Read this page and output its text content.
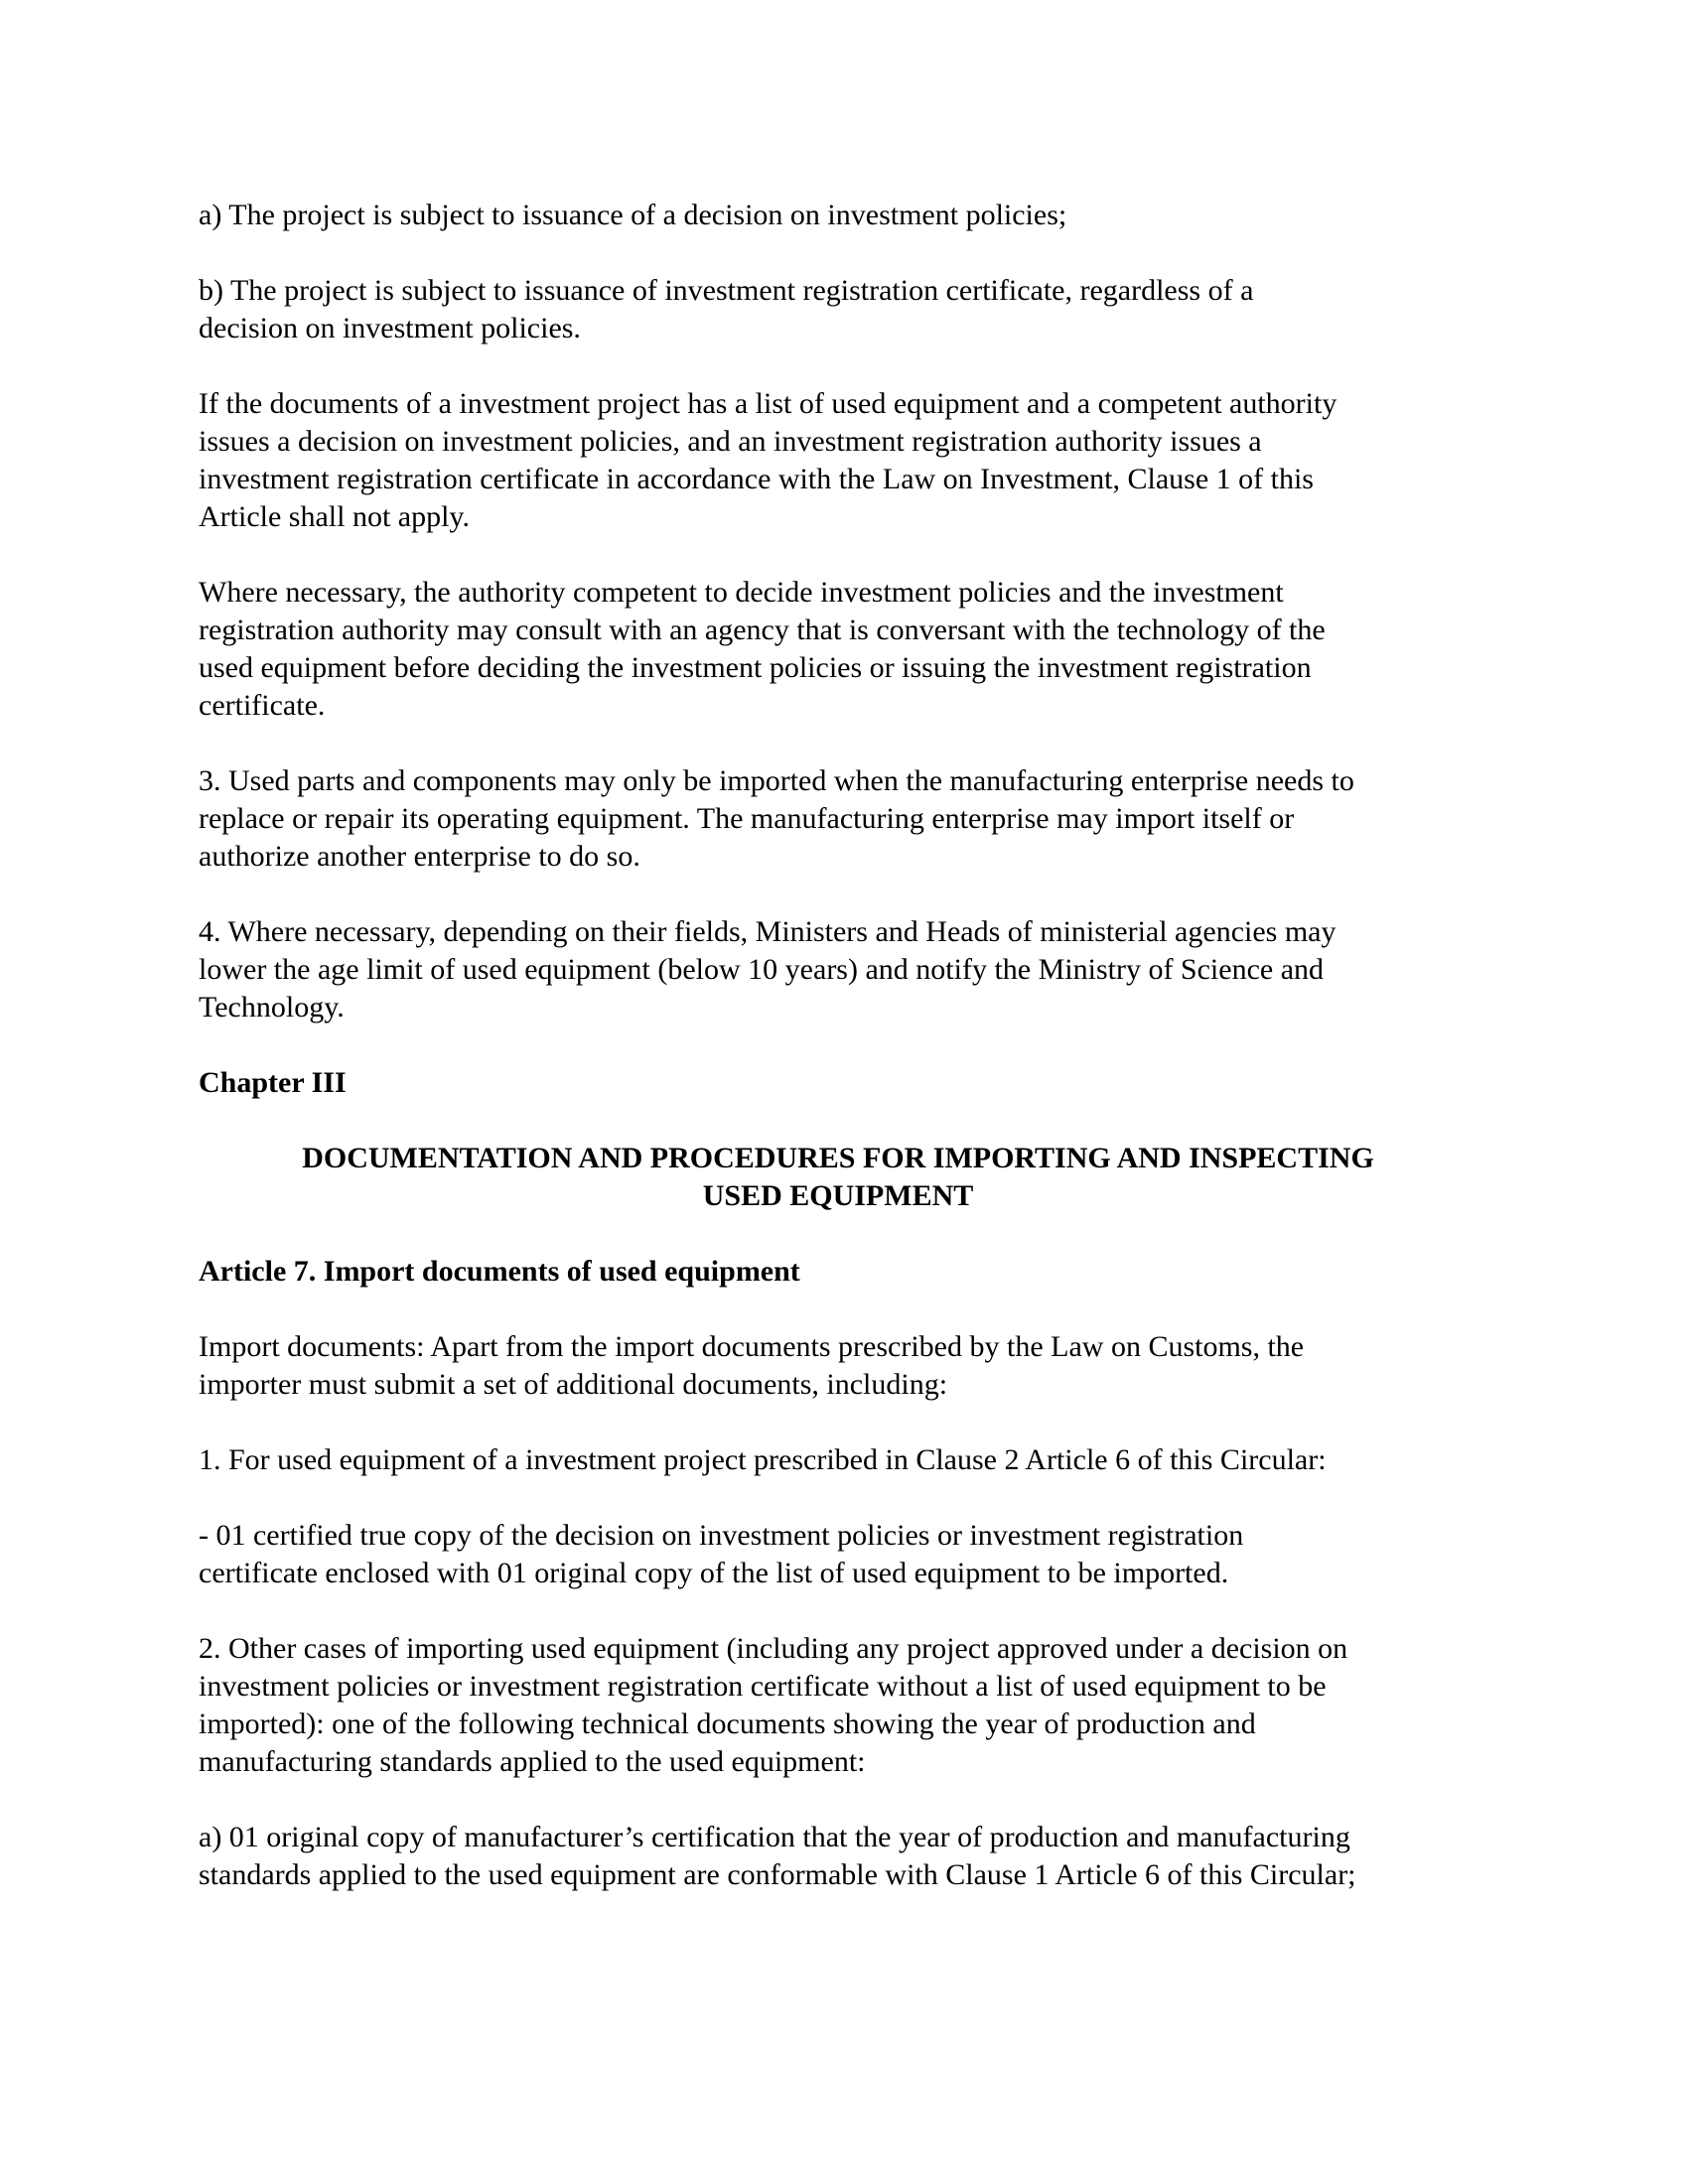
a) The project is subject to issuance of a decision on investment policies;
b) The project is subject to issuance of investment registration certificate, regardless of a
decision on investment policies.
If the documents of a investment project has a list of used equipment and a competent authority
issues a decision on investment policies, and an investment registration authority issues a
investment registration certificate in accordance with the Law on Investment, Clause 1 of this
Article shall not apply.
Where necessary, the authority competent to decide investment policies and the investment
registration authority may consult with an agency that is conversant with the technology of the
used equipment before deciding the investment policies or issuing the investment registration
certificate.
3. Used parts and components may only be imported when the manufacturing enterprise needs to
replace or repair its operating equipment. The manufacturing enterprise may import itself or
authorize another enterprise to do so.
4. Where necessary, depending on their fields, Ministers and Heads of ministerial agencies may
lower the age limit of used equipment (below 10 years) and notify the Ministry of Science and
Technology.
Chapter III
DOCUMENTATION AND PROCEDURES FOR IMPORTING AND INSPECTING
USED EQUIPMENT
Article 7. Import documents of used equipment
Import documents: Apart from the import documents prescribed by the Law on Customs, the
importer must submit a set of additional documents, including:
1. For used equipment of a investment project prescribed in Clause 2 Article 6 of this Circular:
- 01 certified true copy of the decision on investment policies or investment registration
certificate enclosed with 01 original copy of the list of used equipment to be imported.
2. Other cases of importing used equipment (including any project approved under a decision on
investment policies or investment registration certificate without a list of used equipment to be
imported): one of the following technical documents showing the year of production and
manufacturing standards applied to the used equipment:
a) 01 original copy of manufacturer’s certification that the year of production and manufacturing
standards applied to the used equipment are conformable with Clause 1 Article 6 of this Circular;
